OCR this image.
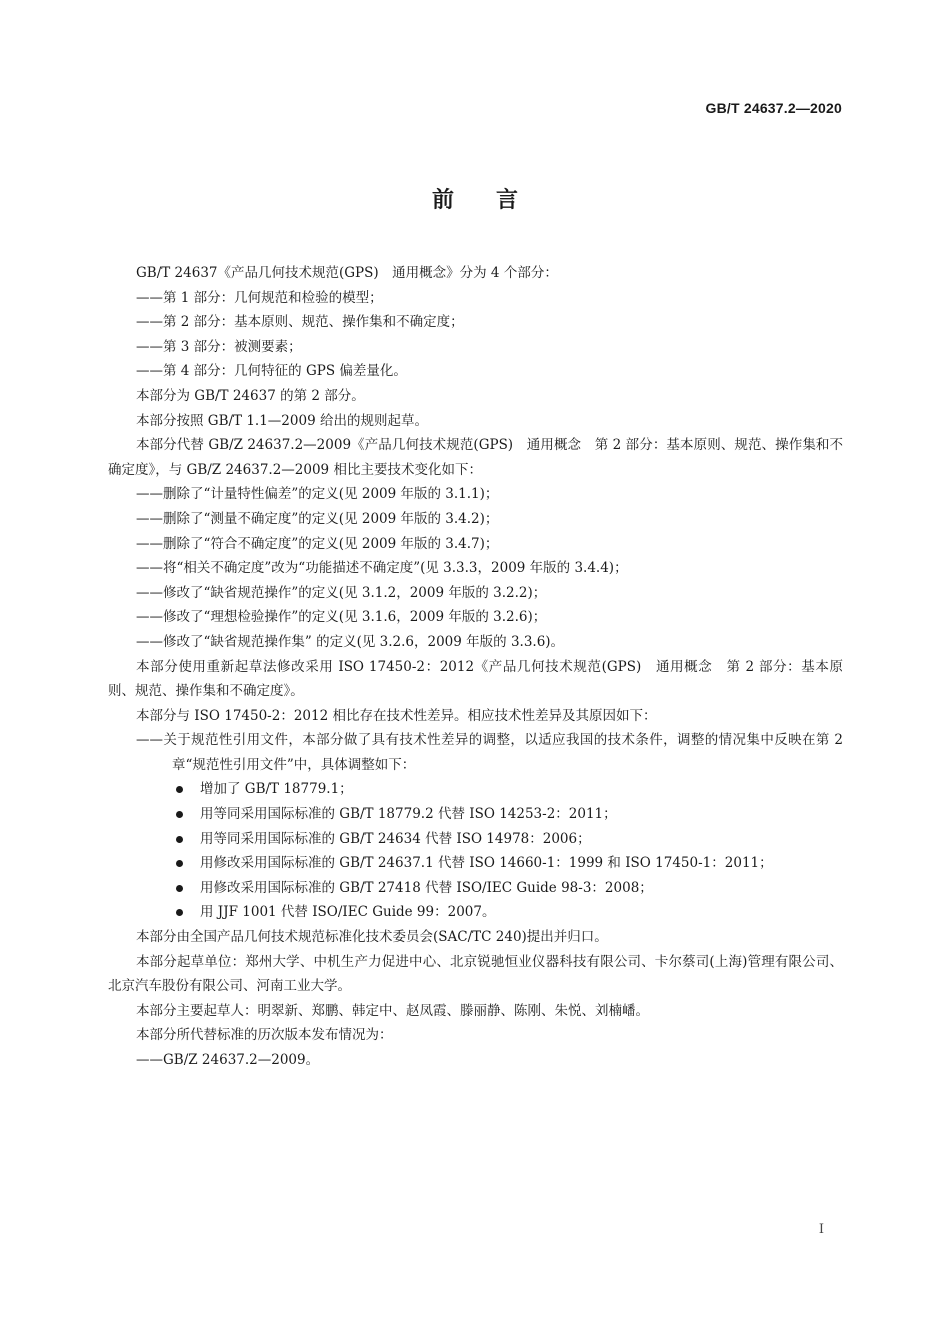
GB/T 24637.2—2020
前言

GB/T 24637《产品几何技术规范(GPS)　通用概念》分为 4 个部分：

——第 1 部分：几何规范和检验的模型；

——第 2 部分：基本原则、规范、操作集和不确定度；

——第 3 部分：被测要素；

——第 4 部分：几何特征的 GPS 偏差量化。

本部分为 GB/T 24637 的第 2 部分。

本部分按照 GB/T 1.1—2009 给出的规则起草。

本部分代替 GB/Z 24637.2—2009《产品几何技术规范(GPS)　通用概念　第 2 部分：基本原则、规范、操作集和不确定度》，与 GB/Z 24637.2—2009 相比主要技术变化如下：

——删除了“计量特性偏差”的定义(见 2009 年版的 3.1.1)；

——删除了“测量不确定度”的定义(见 2009 年版的 3.4.2)；

——删除了“符合不确定度”的定义(见 2009 年版的 3.4.7)；

——将“相关不确定度”改为“功能描述不确定度”(见 3.3.3，2009 年版的 3.4.4)；

——修改了“缺省规范操作”的定义(见 3.1.2，2009 年版的 3.2.2)；

——修改了“理想检验操作”的定义(见 3.1.6，2009 年版的 3.2.6)；

——修改了“缺省规范操作集” 的定义(见 3.2.6，2009 年版的 3.3.6)。

本部分使用重新起草法修改采用 ISO 17450-2：2012《产品几何技术规范(GPS)　通用概念　第 2 部分：基本原则、规范、操作集和不确定度》。

本部分与 ISO 17450-2：2012 相比存在技术性差异。相应技术性差异及其原因如下：

——关于规范性引用文件，本部分做了具有技术性差异的调整，以适应我国的技术条件，调整的情况集中反映在第 2 章“规范性引用文件”中，具体调整如下：

增加了 GB/T 18779.1；

用等同采用国际标准的 GB/T 18779.2 代替 ISO 14253-2：2011；

用等同采用国际标准的 GB/T 24634 代替 ISO 14978：2006；

用修改采用国际标准的 GB/T 24637.1 代替 ISO 14660-1：1999 和 ISO 17450-1：2011；

用修改采用国际标准的 GB/T 27418 代替 ISO/IEC Guide 98-3：2008；

用 JJF 1001 代替 ISO/IEC Guide 99：2007。

本部分由全国产品几何技术规范标准化技术委员会(SAC/TC 240)提出并归口。

本部分起草单位：郑州大学、中机生产力促进中心、北京锐驰恒业仪器科技有限公司、卡尔蔡司(上海)管理有限公司、北京汽车股份有限公司、河南工业大学。

本部分主要起草人：明翠新、郑鹏、韩定中、赵凤霞、滕丽静、陈刚、朱悦、刘楠嶓。

本部分所代替标准的历次版本发布情况为：

——GB/Z 24637.2—2009。

I
